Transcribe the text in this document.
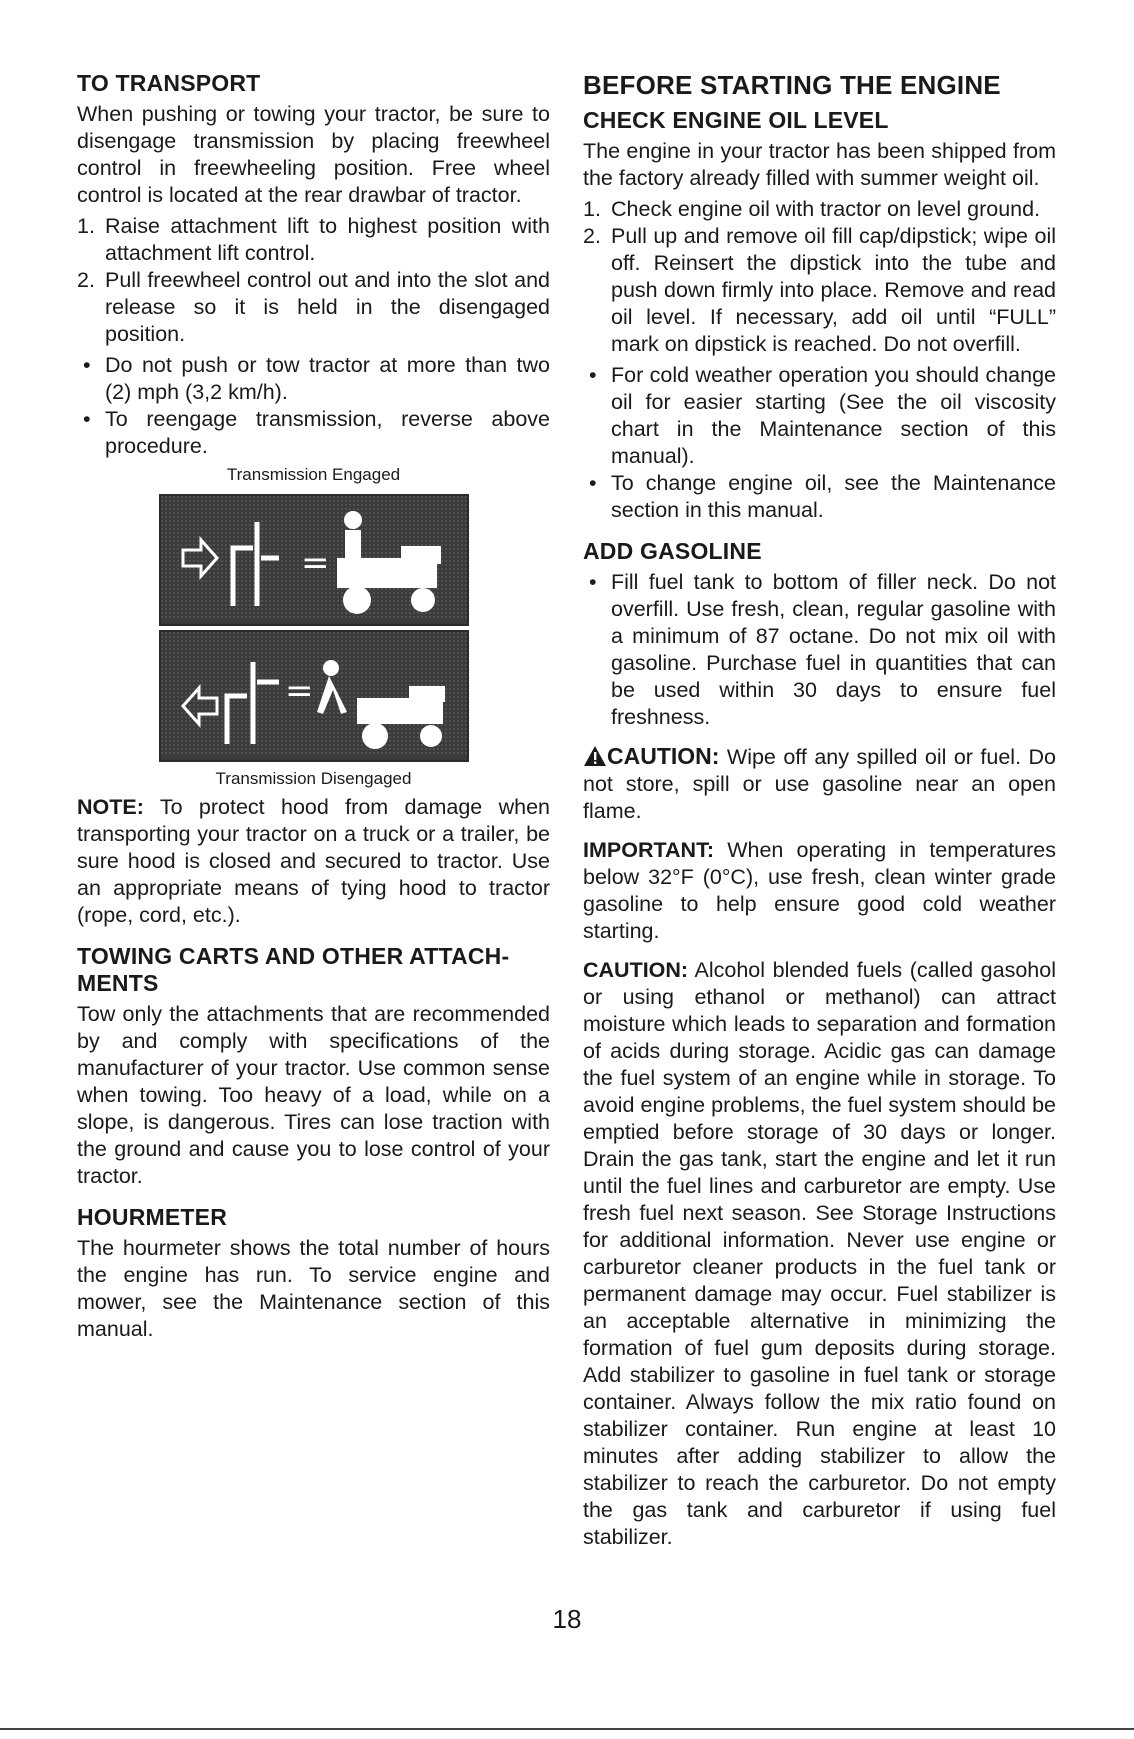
TO TRANSPORT

When pushing or towing your tractor, be sure to disengage transmission by placing freewheel control in freewheeling position. Free wheel control is located at the rear drawbar of tractor.

1. Raise attachment lift to highest position with attachment lift control.
2. Pull freewheel control out and into the slot and release so it is held in the disengaged position.
• Do not push or tow tractor at more than two (2) mph (3,2 km/h).
• To reengage transmission, reverse above procedure.
Transmission Engaged
=
=
Transmission Disengaged

NOTE: To protect hood from damage when transporting your tractor on a truck or a trailer, be sure hood is closed and secured to tractor. Use an appropriate means of tying hood to tractor (rope, cord, etc.).

TOWING CARTS AND OTHER ATTACH-MENTS

Tow only the attachments that are recommended by and comply with specifications of the manufacturer of your tractor. Use common sense when towing. Too heavy of a load, while on a slope, is dangerous. Tires can lose traction with the ground and cause you to lose control of your tractor.

HOURMETER

The hourmeter shows the total number of hours the engine has run. To service engine and mower, see the Maintenance section of this manual.

BEFORE STARTING THE ENGINE
CHECK ENGINE OIL LEVEL

The engine in your tractor has been shipped from the factory already filled with summer weight oil.

1. Check engine oil with tractor on level ground.
2. Pull up and remove oil fill cap/dipstick; wipe oil off. Reinsert the dipstick into the tube and push down firmly into place. Remove and read oil level. If necessary, add oil until “FULL” mark on dipstick is reached. Do not overfill.
• For cold weather operation you should change oil for easier starting (See the oil viscosity chart in the Maintenance section of this manual).
• To change engine oil, see the Maintenance section in this manual.
ADD GASOLINE
• Fill fuel tank to bottom of filler neck. Do not overfill. Use fresh, clean, regular gasoline with a minimum of 87 octane. Do not mix oil with gasoline. Purchase fuel in quantities that can be used within 30 days to ensure fuel freshness.

CAUTION: Wipe off any spilled oil or fuel. Do not store, spill or use gasoline near an open flame.

IMPORTANT: When operating in temperatures below 32°F (0°C), use fresh, clean winter grade gasoline to help ensure good cold weather starting.

CAUTION: Alcohol blended fuels (called gasohol or using ethanol or methanol) can attract moisture which leads to separation and formation of acids during storage. Acidic gas can damage the fuel system of an engine while in storage. To avoid engine problems, the fuel system should be emptied before storage of 30 days or longer. Drain the gas tank, start the engine and let it run until the fuel lines and carburetor are empty. Use fresh fuel next season. See Storage Instructions for additional information. Never use engine or carburetor cleaner products in the fuel tank or permanent damage may occur. Fuel stabilizer is an acceptable alternative in minimizing the formation of fuel gum deposits during storage. Add stabilizer to gasoline in fuel tank or storage container. Always follow the mix ratio found on stabilizer container. Run engine at least 10 minutes after adding stabilizer to allow the stabilizer to reach the carburetor. Do not empty the gas tank and carburetor if using fuel stabilizer.

18
